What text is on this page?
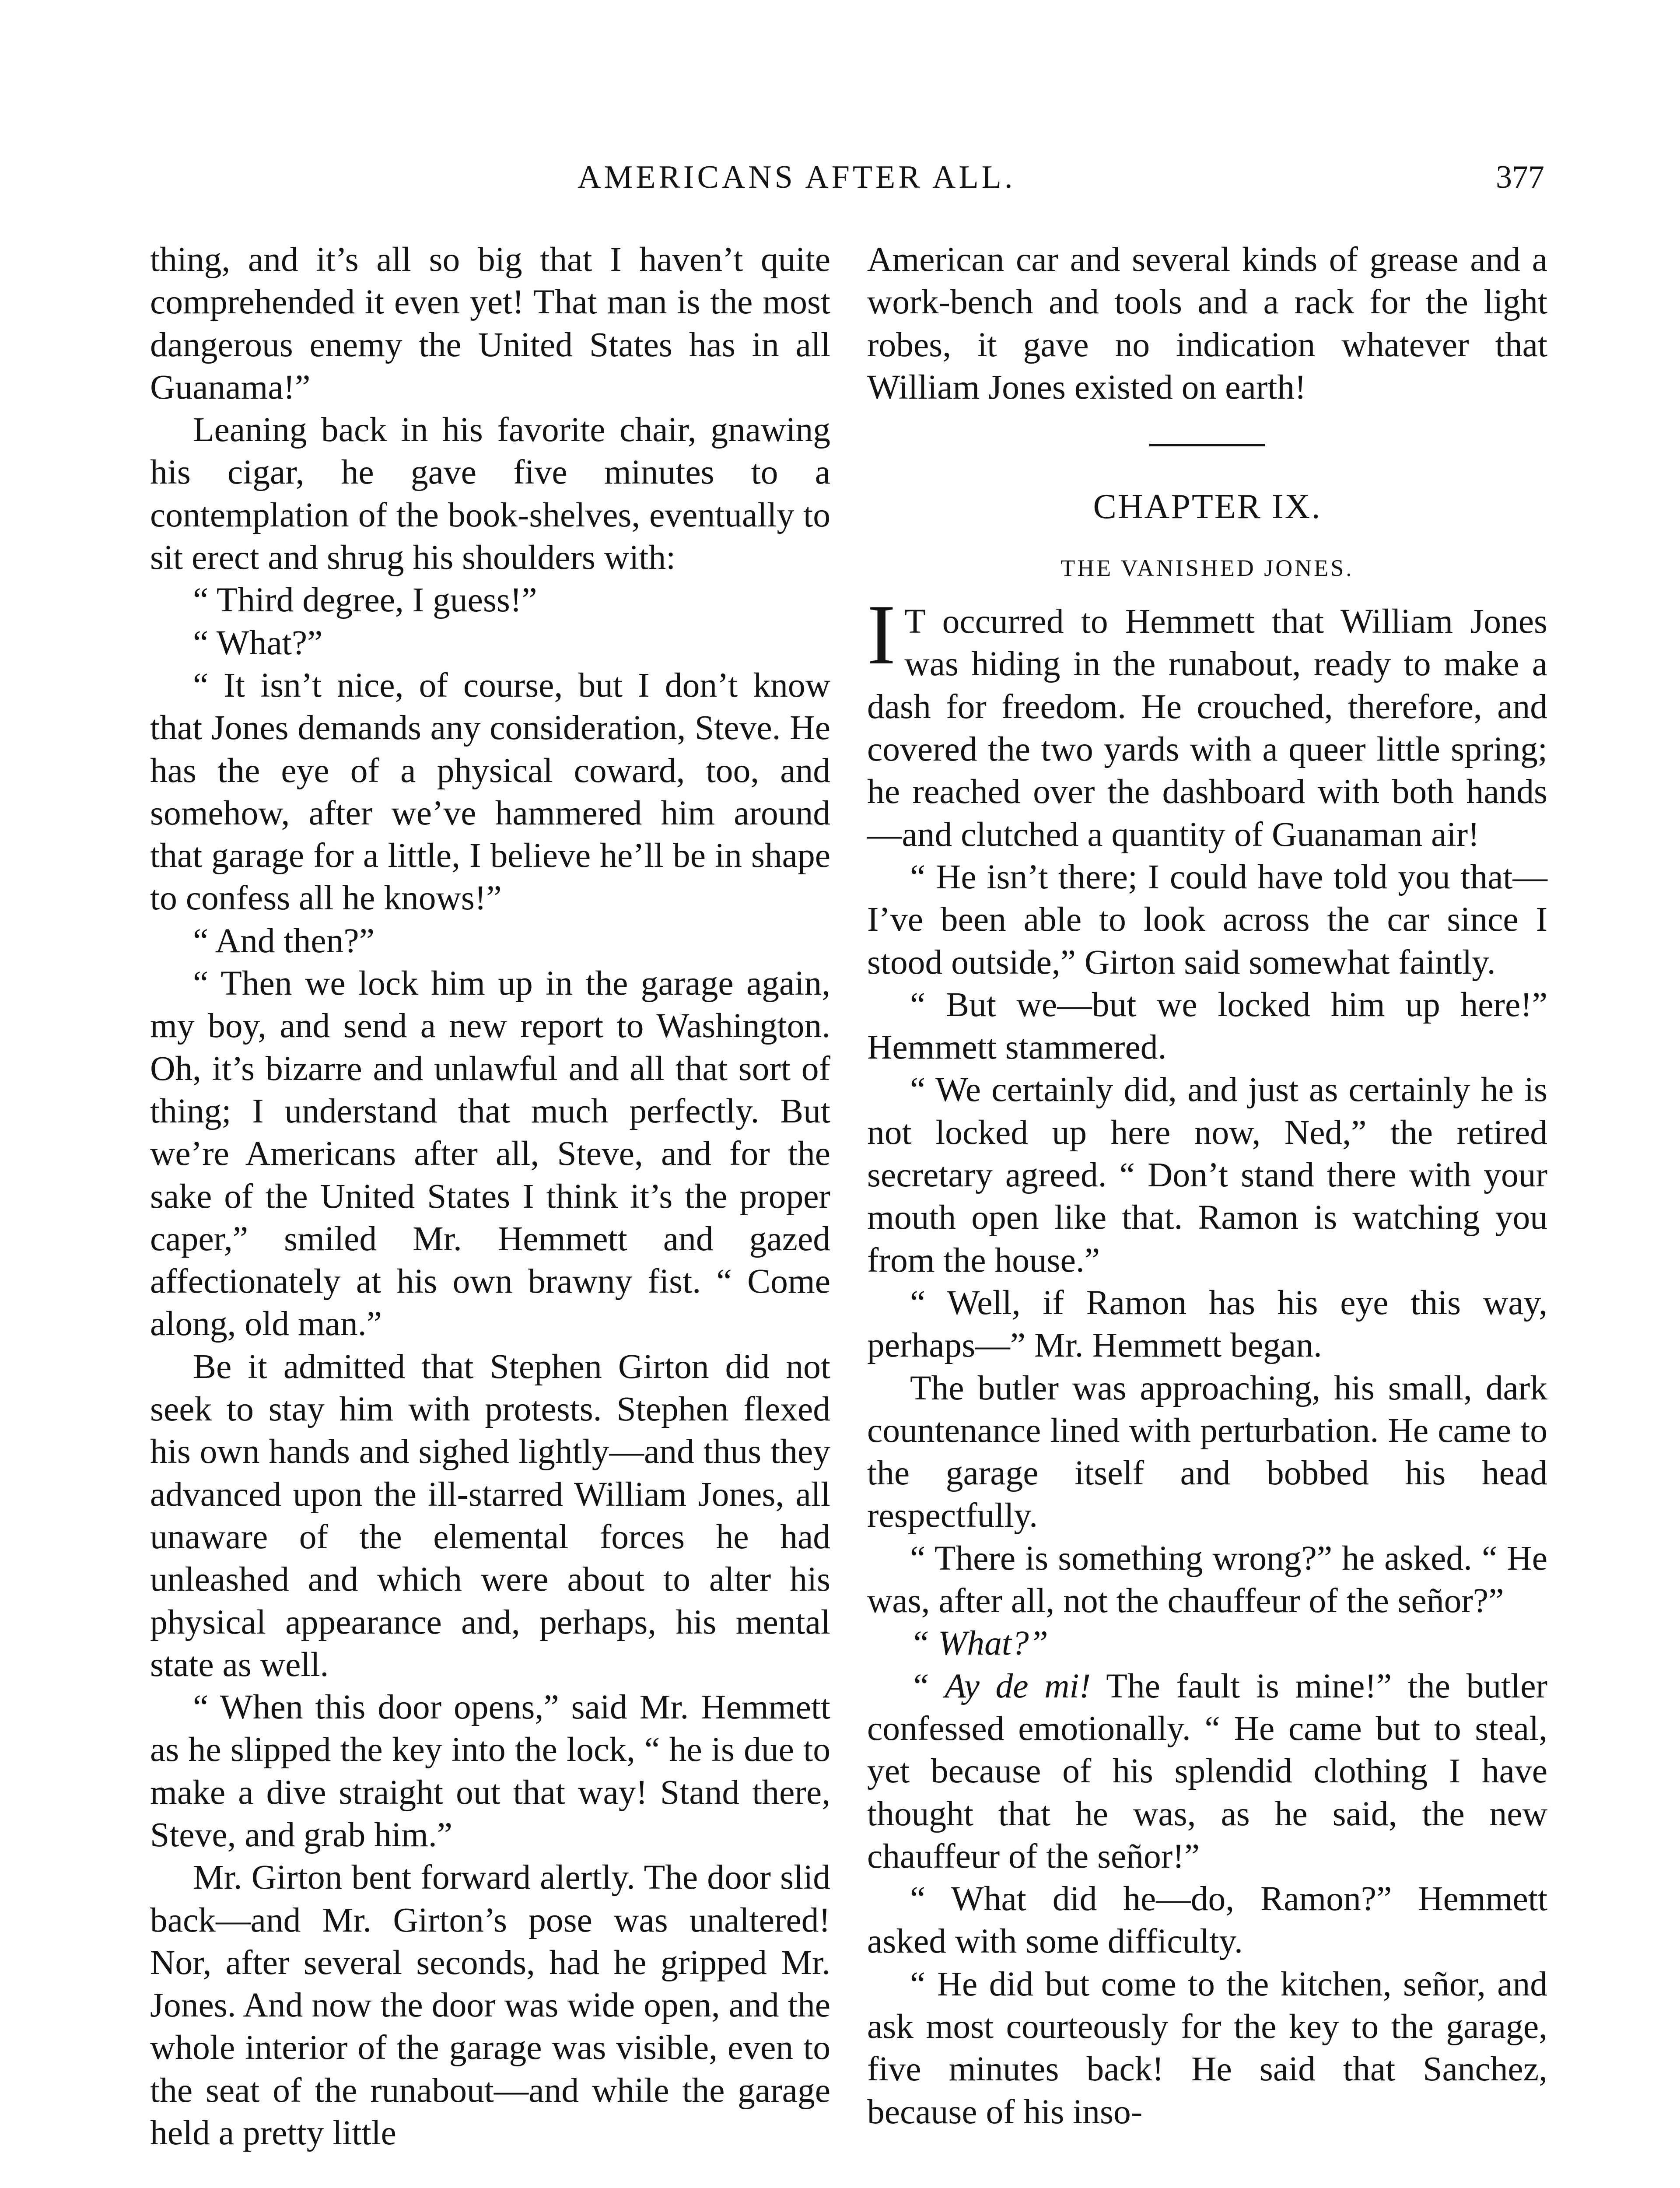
AMERICANS AFTER ALL.	377

thing, and it’s all so big that I haven’t quite comprehended it even yet! That man is the most dangerous enemy the United States has in all Guanama!”

Leaning back in his favorite chair, gnawing his cigar, he gave five minutes to a contemplation of the book-shelves, eventually to sit erect and shrug his shoulders with:

“ Third degree, I guess!”

“ What?”

“ It isn’t nice, of course, but I don’t know that Jones demands any consideration, Steve. He has the eye of a physical coward, too, and somehow, after we’ve hammered him around that garage for a little, I believe he’ll be in shape to confess all he knows!”

“ And then?”

“ Then we lock him up in the garage again, my boy, and send a new report to Washington. Oh, it’s bizarre and unlawful and all that sort of thing; I understand that much perfectly. But we’re Americans after all, Steve, and for the sake of the United States I think it’s the proper caper,” smiled Mr. Hemmett and gazed affectionately at his own brawny fist. “ Come along, old man.”

Be it admitted that Stephen Girton did not seek to stay him with protests. Stephen flexed his own hands and sighed lightly—and thus they advanced upon the ill-starred William Jones, all unaware of the elemental forces he had unleashed and which were about to alter his physical appearance and, perhaps, his mental state as well.

“ When this door opens,” said Mr. Hemmett as he slipped the key into the lock, “ he is due to make a dive straight out that way! Stand there, Steve, and grab him.”

Mr. Girton bent forward alertly. The door slid back—and Mr. Girton’s pose was unaltered! Nor, after several seconds, had he gripped Mr. Jones. And now the door was wide open, and the whole interior of the garage was visible, even to the seat of the runabout—and while the garage held a pretty little

American car and several kinds of grease and a work-bench and tools and a rack for the light robes, it gave no indication whatever that William Jones existed on earth!

CHAPTER IX.
THE VANISHED JONES.

I T occurred to Hemmett that William Jones was hiding in the runabout, ready to make a dash for freedom. He crouched, therefore, and covered the two yards with a queer little spring; he reached over the dashboard with both hands—and clutched a quantity of Guanaman air!

“ He isn’t there; I could have told you that—I’ve been able to look across the car since I stood outside,” Girton said somewhat faintly.

“ But we—but we locked him up here!” Hemmett stammered.

“ We certainly did, and just as certainly he is not locked up here now, Ned,” the retired secretary agreed. “ Don’t stand there with your mouth open like that. Ramon is watching you from the house.”

“ Well, if Ramon has his eye this way, perhaps—” Mr. Hemmett began.

The butler was approaching, his small, dark countenance lined with perturbation. He came to the garage itself and bobbed his head respectfully.

“ There is something wrong?” he asked. “ He was, after all, not the chauffeur of the señor?”

“ What?”

“ Ay de mi! The fault is mine!” the butler confessed emotionally. “ He came but to steal, yet because of his splendid clothing I have thought that he was, as he said, the new chauffeur of the señor!”

“ What did he—do, Ramon?” Hemmett asked with some difficulty.

“ He did but come to the kitchen, señor, and ask most courteously for the key to the garage, five minutes back! He said that Sanchez, because of his inso-
